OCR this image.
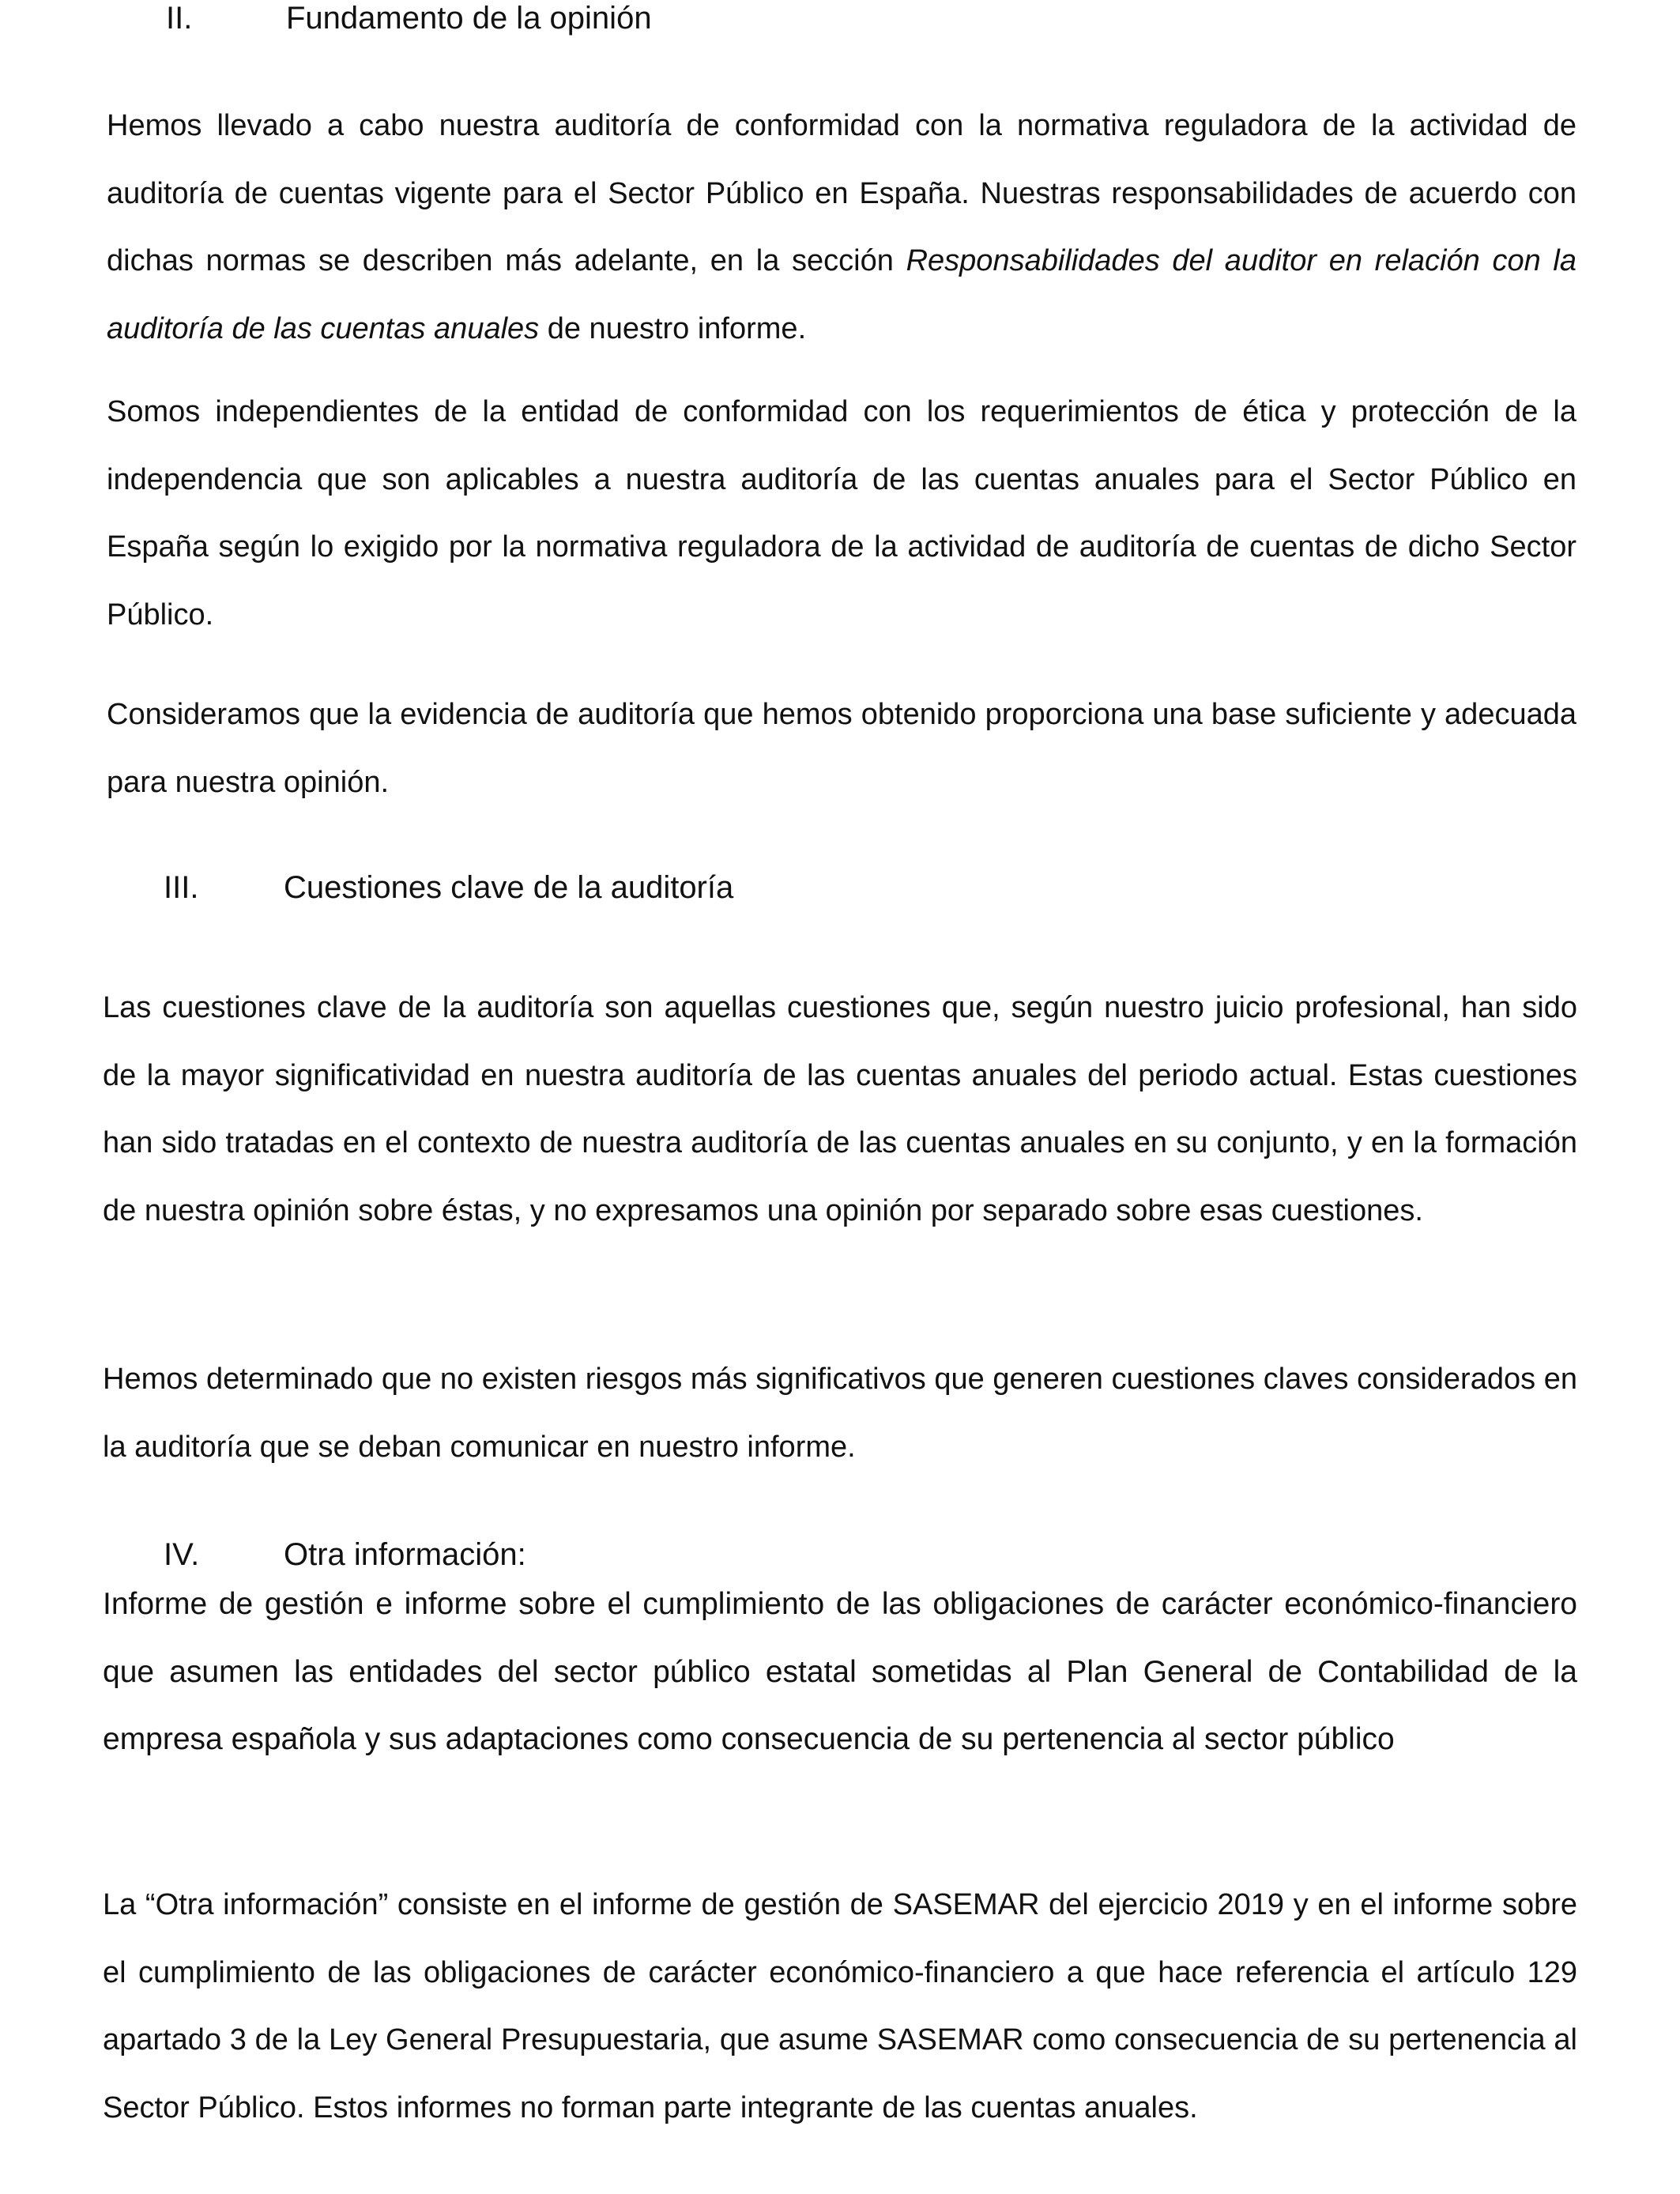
II.	Fundamento de la opinión

Hemos llevado a cabo nuestra auditoría de conformidad con la normativa reguladora de la actividad de auditoría de cuentas vigente para el Sector Público en España. Nuestras responsabilidades de acuerdo con dichas normas se describen más adelante, en la sección Responsabilidades del auditor en relación con la auditoría de las cuentas anuales de nuestro informe.

Somos independientes de la entidad de conformidad con los requerimientos de ética y protección de la independencia que son aplicables a nuestra auditoría de las cuentas anuales para el Sector Público en España según lo exigido por la normativa reguladora de la actividad de auditoría de cuentas de dicho Sector Público.

Consideramos que la evidencia de auditoría que hemos obtenido proporciona una base suficiente y adecuada para nuestra opinión.

III.	Cuestiones clave de la auditoría

Las cuestiones clave de la auditoría son aquellas cuestiones que, según nuestro juicio profesional, han sido de la mayor significatividad en nuestra auditoría de las cuentas anuales del periodo actual. Estas cuestiones han sido tratadas en el contexto de nuestra auditoría de las cuentas anuales en su conjunto, y en la formación de nuestra opinión sobre éstas, y no expresamos una opinión por separado sobre esas cuestiones.

Hemos determinado que no existen riesgos más significativos que generen cuestiones claves considerados en la auditoría que se deban comunicar en nuestro informe.

IV.	Otra información:

Informe de gestión e informe sobre el cumplimiento de las obligaciones de carácter económico-financiero que asumen las entidades del sector público estatal sometidas al Plan General de Contabilidad de la empresa española y sus adaptaciones como consecuencia de su pertenencia al sector público

La “Otra información” consiste en el informe de gestión de SASEMAR del ejercicio 2019 y en el informe sobre el cumplimiento de las obligaciones de carácter económico-financiero a que hace referencia el artículo 129 apartado 3 de la Ley General Presupuestaria, que asume SASEMAR como consecuencia de su pertenencia al Sector Público. Estos informes no forman parte integrante de las cuentas anuales.
